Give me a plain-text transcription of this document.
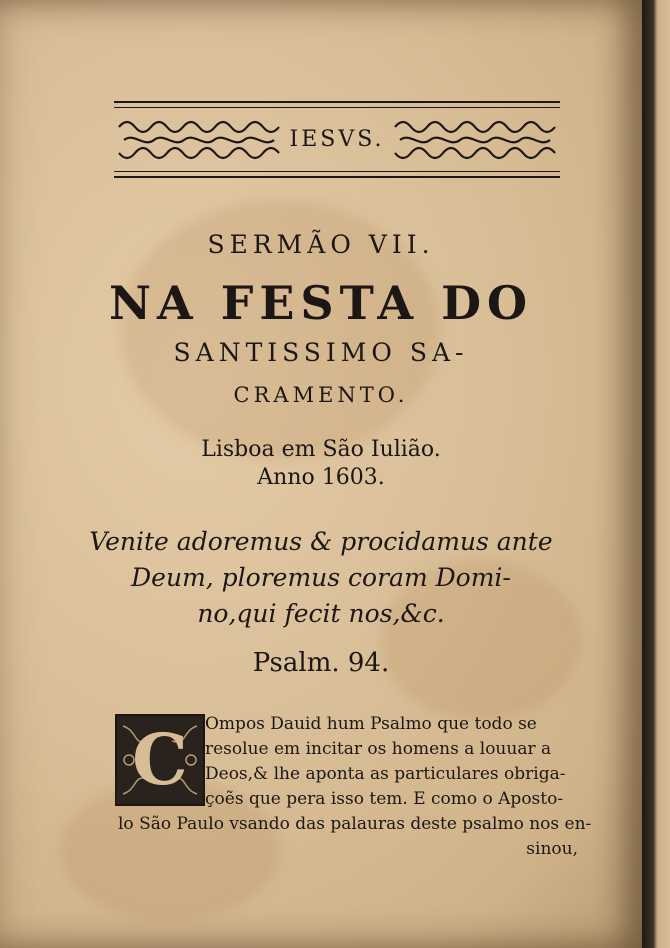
IESVS.
SERMÃO VII.
NA FESTA DO
SANTISSIMO SA-
CRAMENTO.
Lisboa em São Iulião.
Anno 1603.
Venite adoremus & procidamus ante
Deum, ploremus coram Domi-
no,qui fecit nos,&c.
Psalm. 94.
C	Ompos Dauid hum Psalmo que todo se
resolue em incitar os homens a louuar a
Deos,& lhe aponta as particulares obriga-
çoẽs que pera isso tem. E como o Aposto-
lo São Paulo vsando das palauras deste psalmo nos en-
sinou,
